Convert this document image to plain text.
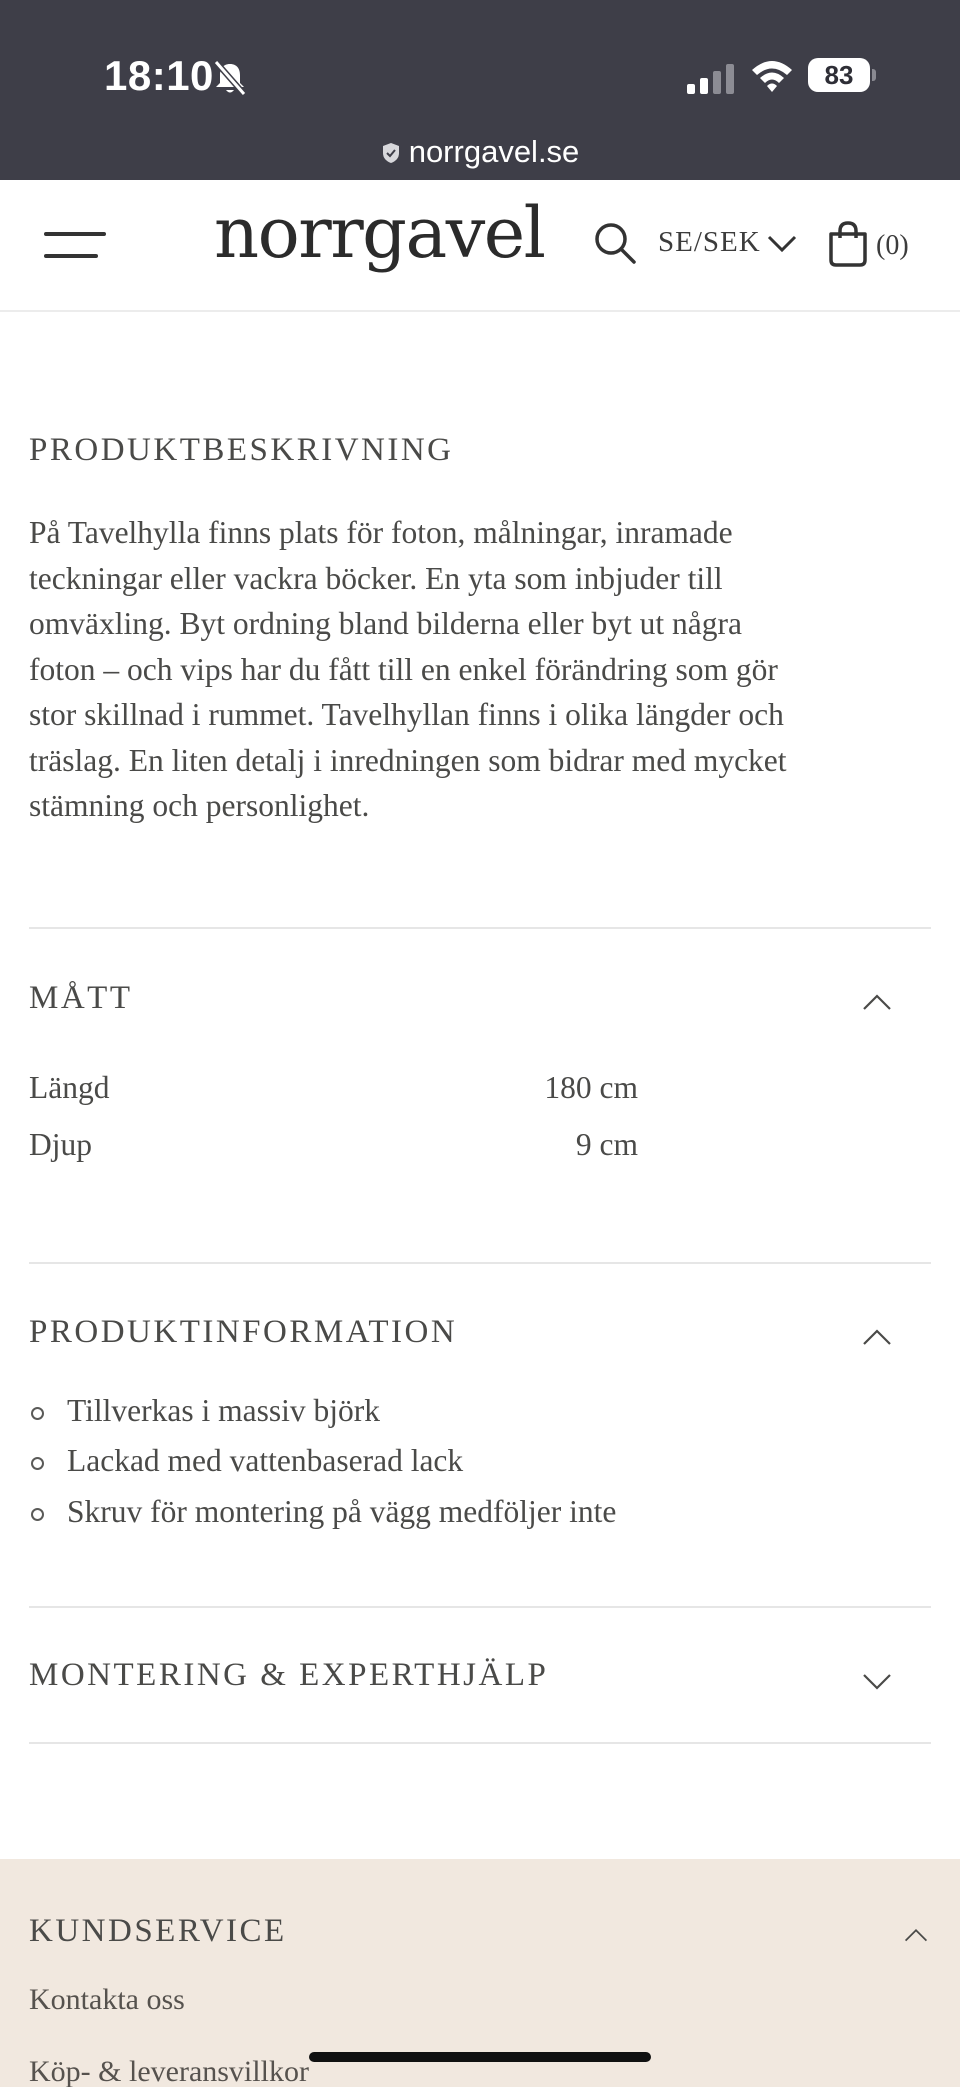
18:10	83
norrgavel.se
norrgavel	SE/SEK	(0)
PRODUKTBESKRIVNING
På Tavelhylla finns plats för foton, målningar, inramade
teckningar eller vackra böcker. En yta som inbjuder till
omväxling. Byt ordning bland bilderna eller byt ut några
foton – och vips har du fått till en enkel förändring som gör
stor skillnad i rummet. Tavelhyllan finns i olika längder och
träslag. En liten detalj i inredningen som bidrar med mycket
stämning och personlighet.
MÅTT
Längd	180 cm
Djup	9 cm
PRODUKTINFORMATION
Tillverkas i massiv björk
Lackad med vattenbaserad lack
Skruv för montering på vägg medföljer inte
MONTERING & EXPERTHJÄLP
KUNDSERVICE
Kontakta oss
Köp- & leveransvillkor
